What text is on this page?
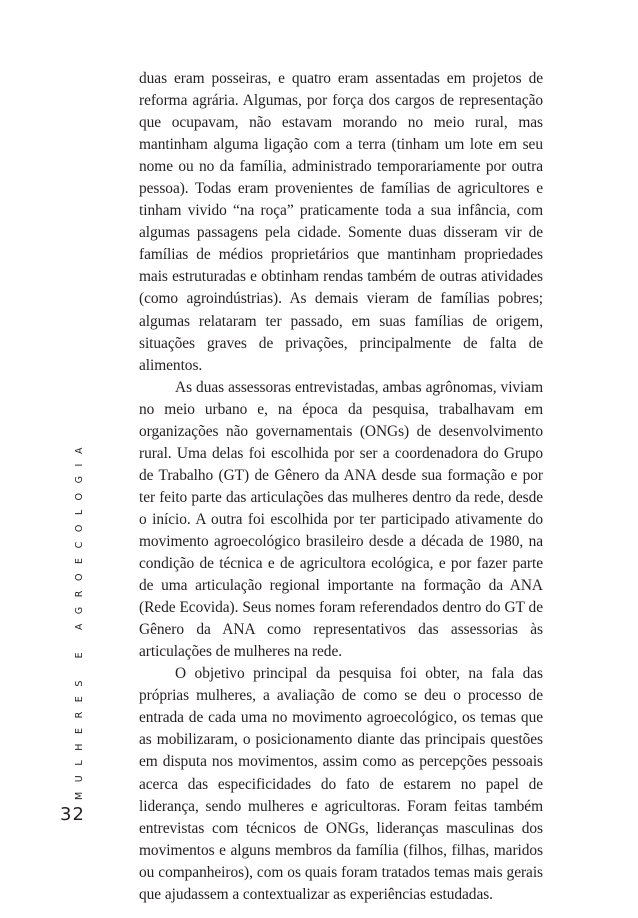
duas eram posseiras, e quatro eram assentadas em projetos de reforma agrária. Algumas, por força dos cargos de representação que ocupavam, não estavam morando no meio rural, mas mantinham alguma ligação com a terra (tinham um lote em seu nome ou no da família, administrado temporariamente por outra pessoa). Todas eram provenientes de famílias de agricultores e tinham vivido “na roça” praticamente toda a sua infância, com algumas passagens pela cidade. Somente duas disseram vir de famílias de médios proprietários que mantinham propriedades mais estruturadas e obtinham rendas também de outras atividades (como agroindústrias). As demais vieram de famílias pobres; algumas relataram ter passado, em suas famílias de origem, situações graves de privações, principalmente de falta de alimentos.

As duas assessoras entrevistadas, ambas agrônomas, viviam no meio urbano e, na época da pesquisa, trabalhavam em organizações não governamentais (ONGs) de desenvolvimento rural. Uma delas foi escolhida por ser a coordenadora do Grupo de Trabalho (GT) de Gênero da ANA desde sua formação e por ter feito parte das articulações das mulheres dentro da rede, desde o início. A outra foi escolhida por ter participado ativamente do movimento agroecológico brasileiro desde a década de 1980, na condição de técnica e de agricultora ecológica, e por fazer parte de uma articulação regional importante na formação da ANA (Rede Ecovida). Seus nomes foram referendados dentro do GT de Gênero da ANA como representativos das assessorias às articulações de mulheres na rede.

O objetivo principal da pesquisa foi obter, na fala das próprias mulheres, a avaliação de como se deu o processo de entrada de cada uma no movimento agroecológico, os temas que as mobilizaram, o posicionamento diante das principais questões em disputa nos movimentos, assim como as percepções pessoais acerca das especificidades do fato de estarem no papel de liderança, sendo mulheres e agricultoras. Foram feitas também entrevistas com técnicos de ONGs, lideranças masculinas dos movimentos e alguns membros da família (filhos, filhas, maridos ou companheiros), com os quais foram tratados temas mais gerais que ajudassem a contextualizar as experiências estudadas.

MULHERES E AGROECOLOGIA
32
